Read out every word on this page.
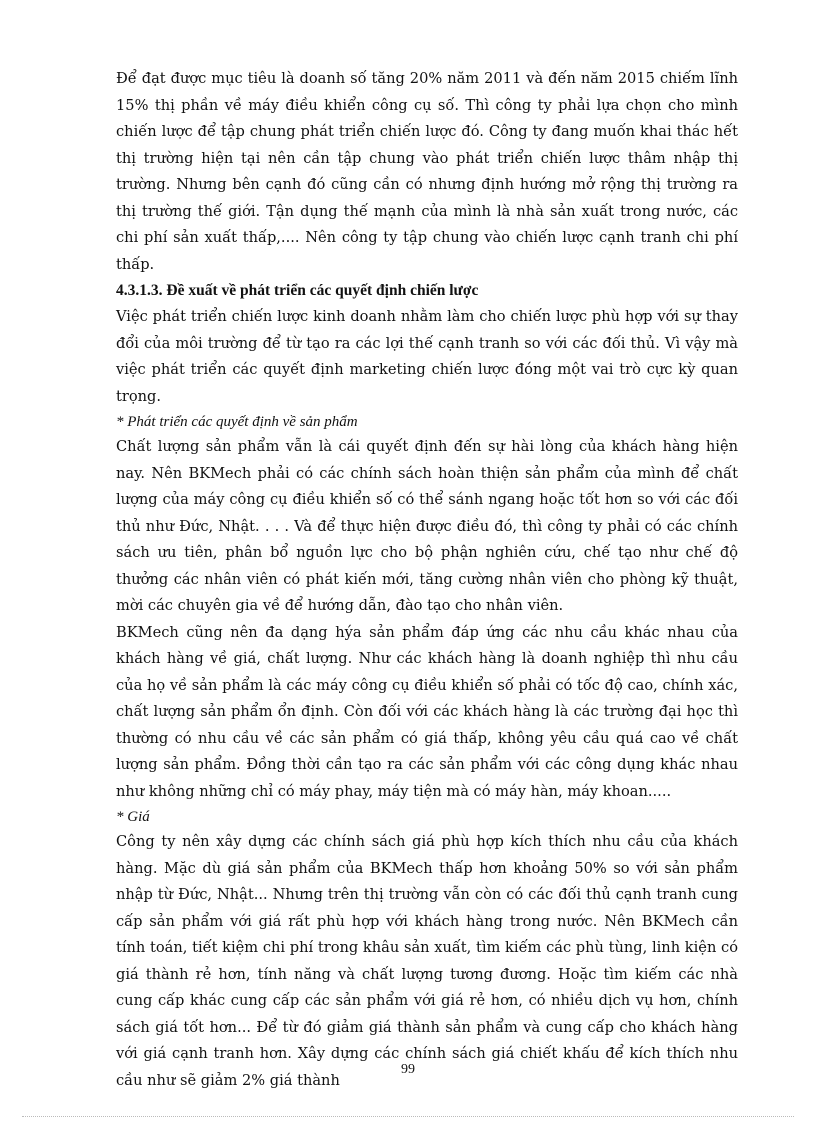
Để đạt được mục tiêu là doanh số tăng 20% năm 2011 và đến năm 2015 chiếm lĩnh 15% thị phần về máy điều khiển công cụ số. Thì công ty phải lựa chọn cho mình chiến lược để tập chung phát triển chiến lược đó. Công ty đang muốn khai thác hết thị trường hiện tại nên cần tập chung vào phát triển chiến lược thâm nhập thị trường. Nhưng bên cạnh đó cũng cần có nhưng định hướng mở rộng thị trường ra thị trường thế giới. Tận dụng thế mạnh của mình là nhà sản xuất trong nước, các chi phí sản xuất thấp,.... Nên công ty tập chung vào chiến lược cạnh tranh chi phí thấp.

4.3.1.3. Đề xuất về phát triển các quyết định chiến lược

Việc phát triển chiến lược kinh doanh nhằm làm cho chiến lược phù hợp với sự thay đổi của môi trường để từ tạo ra các lợi thế cạnh tranh so với các đối thủ. Vì vậy mà việc phát triển các quyết định marketing chiến lược đóng một vai trò cực kỳ quan trọng.

* Phát triển các quyết định về sản phẩm

Chất lượng sản phẩm vẫn là cái quyết định đến sự hài lòng của khách hàng hiện nay. Nên BKMech phải có các chính sách hoàn thiện sản phẩm của mình để chất lượng của máy công cụ điều khiển số có thể sánh ngang hoặc tốt hơn so với các đối thủ như Đức, Nhật. . . . Và để thực hiện được điều đó, thì công ty phải có các chính sách ưu tiên, phân bổ nguồn lực cho bộ phận nghiên cứu, chế tạo như chế độ thưởng các nhân viên có phát kiến mới, tăng cường nhân viên cho phòng kỹ thuật, mời các chuyên gia về để hướng dẫn, đào tạo cho nhân viên.

BKMech cũng nên đa dạng hýa sản phẩm đáp ứng các nhu cầu khác nhau của khách hàng về giá, chất lượng. Như các khách hàng là doanh nghiệp thì nhu cầu của họ về sản phẩm là các máy công cụ điều khiển số phải có tốc độ cao, chính xác, chất lượng sản phẩm ổn định. Còn đối với các khách hàng là các trường đại học thì thường có nhu cầu về các sản phẩm có giá thấp, không yêu cầu quá cao về chất lượng sản phẩm. Đồng thời cần tạo ra các sản phẩm với các công dụng khác nhau như không những chỉ có máy phay, máy tiện mà có máy hàn, máy khoan.....

* Giá

Công ty nên xây dựng các chính sách giá phù hợp kích thích nhu cầu của khách hàng. Mặc dù giá sản phẩm của BKMech thấp hơn khoảng 50% so với sản phẩm nhập từ Đức, Nhật... Nhưng trên thị trường vẫn còn có các đối thủ cạnh tranh cung cấp sản phẩm với giá rất phù hợp với khách hàng trong nước. Nên BKMech cần tính toán, tiết kiệm chi phí trong khâu sản xuất, tìm kiếm các phù tùng, linh kiện có giá thành rẻ hơn, tính năng và chất lượng tương đương. Hoặc tìm kiếm các nhà cung cấp khác cung cấp các sản phẩm với giá rẻ hơn, có nhiều dịch vụ hơn, chính sách giá tốt hơn... Để từ đó giảm giá thành sản phẩm và cung cấp cho khách hàng với giá cạnh tranh hơn. Xây dựng các chính sách giá chiết khấu để kích thích nhu cầu như sẽ giảm 2% giá thành

99
